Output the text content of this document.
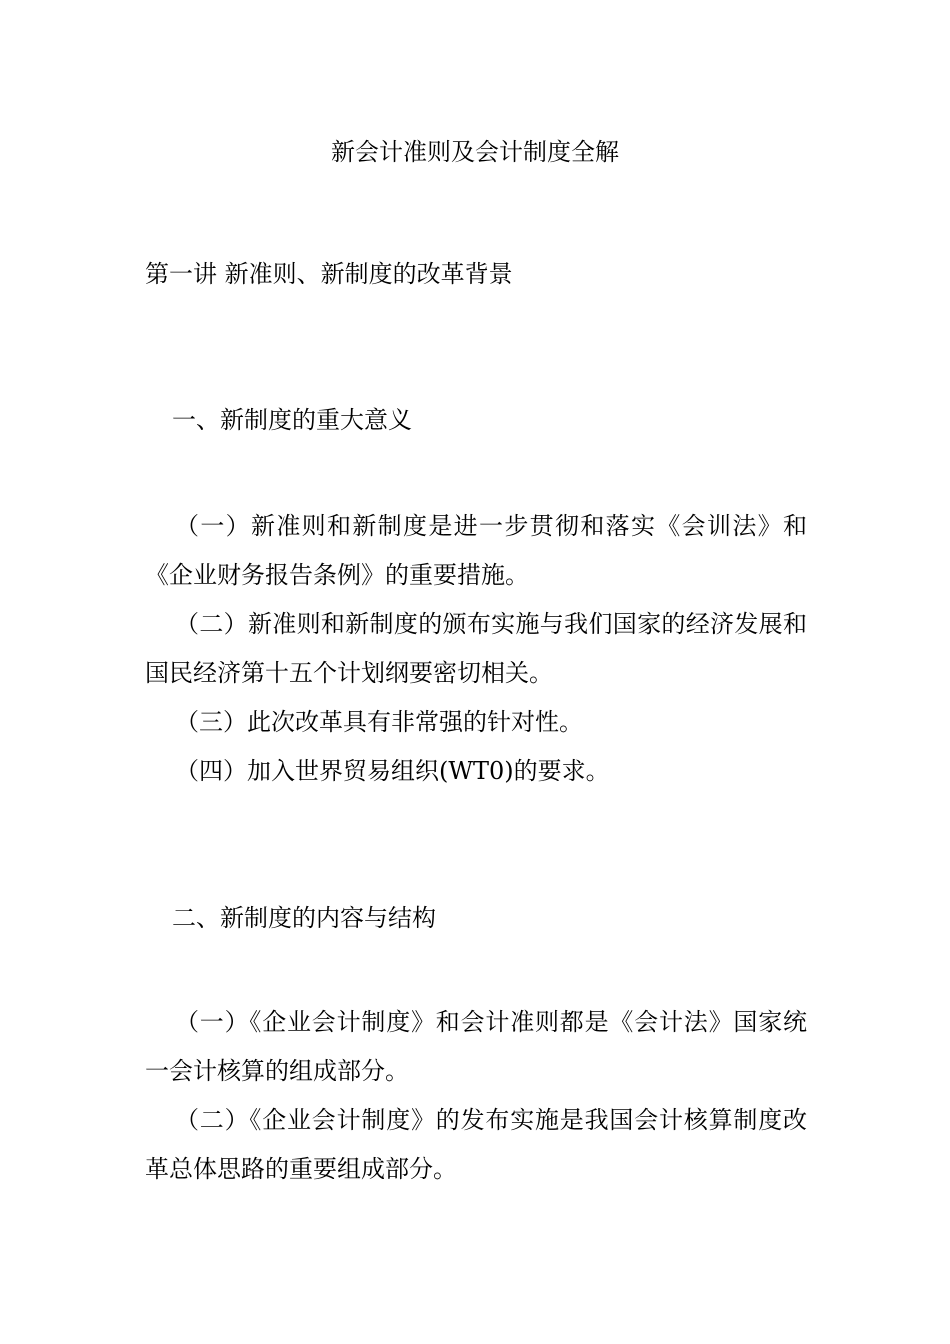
新会计准则及会计制度全解
第一讲 新准则、新制度的改革背景
一、新制度的重大意义

（一）新准则和新制度是进一步贯彻和落实《会训法》和《企业财务报告条例》的重要措施。

（二）新准则和新制度的颁布实施与我们国家的经济发展和国民经济第十五个计划纲要密切相关。

（三）此次改革具有非常强的针对性。

（四）加入世界贸易组织(WT0)的要求。

二、新制度的内容与结构

（一）《企业会计制度》和会计准则都是《会计法》国家统 一会计核算的组成部分。

（二）《企业会计制度》的发布实施是我国会计核算制度改革总体思路的重要组成部分。
